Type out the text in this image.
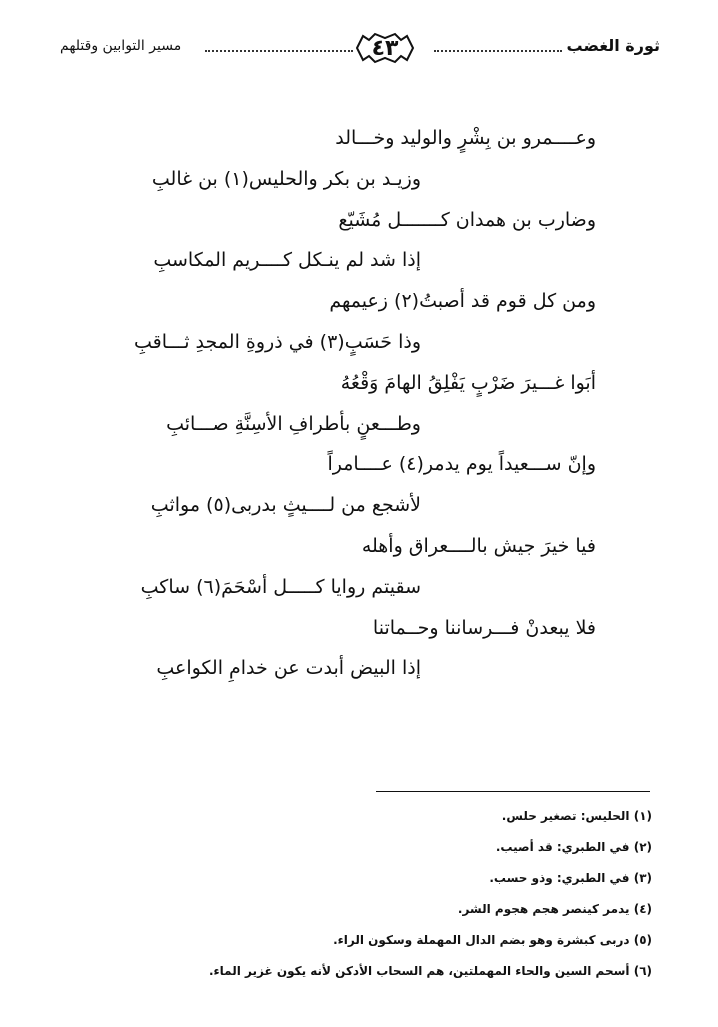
ثورة الغضب
٤٣
مسير التوابين وقتلهم
وعــــمرو بن بِشْرٍ والوليد وخـــالد
وزيـد بن بكر والحليس(١) بن غالبِ
وضارب بن همدان كـــــــل مُشَيّع
إذا شد لم ينـكل كــــريم المكاسبِ
ومن كل قوم قد أصبتُ(٢) زعيمهم
وذا حَسَبٍ(٣) في ذروةِ المجدِ ثـــاقبِ
أبَوا غـــيرَ ضَرْبٍ يَفْلِقُ الهامَ وَقْعُهُ
وطـــعنٍ بأطرافِ الأسِنَّةِ صـــائبِ
وإنّ ســـعيداً يوم يدمر(٤) عــــامراً
لأشجع من لــــيثٍ بدربى(٥) مواثبِ
فيا خيرَ جيش بالــــعراق وأهله
سقيتم روايا كـــــل أسْحَمَ(٦) ساكبِ
فلا يبعدنْ فـــرساننا وحــماتنا
إذا البيض أبدت عن خدامِ الكواعبِ
(١) الحليس: تصغير حلس.
(٢) في الطبري: قد أصيب.
(٣) في الطبري: وذو حسب.
(٤) يدمر كينصر هجم هجوم الشر.
(٥) دربى كبشرة وهو بضم الدال المهملة وسكون الراء.
(٦) أسحم السين والحاء المهملتين، هم السحاب الأدكن لأنه يكون غزير الماء.
